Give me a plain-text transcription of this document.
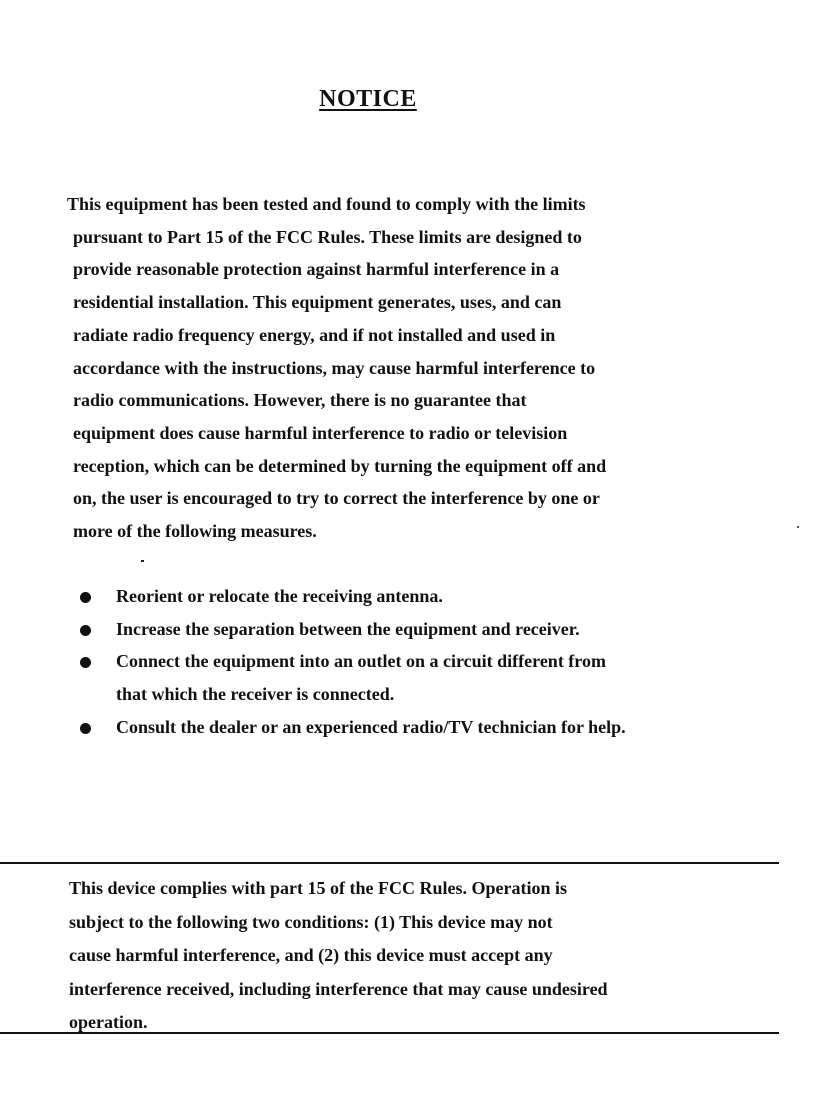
NOTICE
This equipment has been tested and found to comply with the limits
pursuant to Part 15 of the FCC Rules. These limits are designed to
provide reasonable protection against harmful interference in a
residential installation. This equipment generates, uses, and can
radiate radio frequency energy, and if not installed and used in
accordance with the instructions, may cause harmful interference to
radio communications. However, there is no guarantee that
equipment does cause harmful interference to radio or television
reception, which can be determined by turning the equipment off and
on, the user is encouraged to try to correct the interference by one or
more of the following measures.
Reorient or relocate the receiving antenna.
Increase the separation between the equipment and receiver.
Connect the equipment into an outlet on a circuit different from
that which the receiver is connected.
Consult the dealer or an experienced radio/TV technician for help.
This device complies with part 15 of the FCC Rules. Operation is
subject to the following two conditions: (1) This device may not
cause harmful interference, and (2) this device must accept any
interference received, including interference that may cause undesired
operation.
